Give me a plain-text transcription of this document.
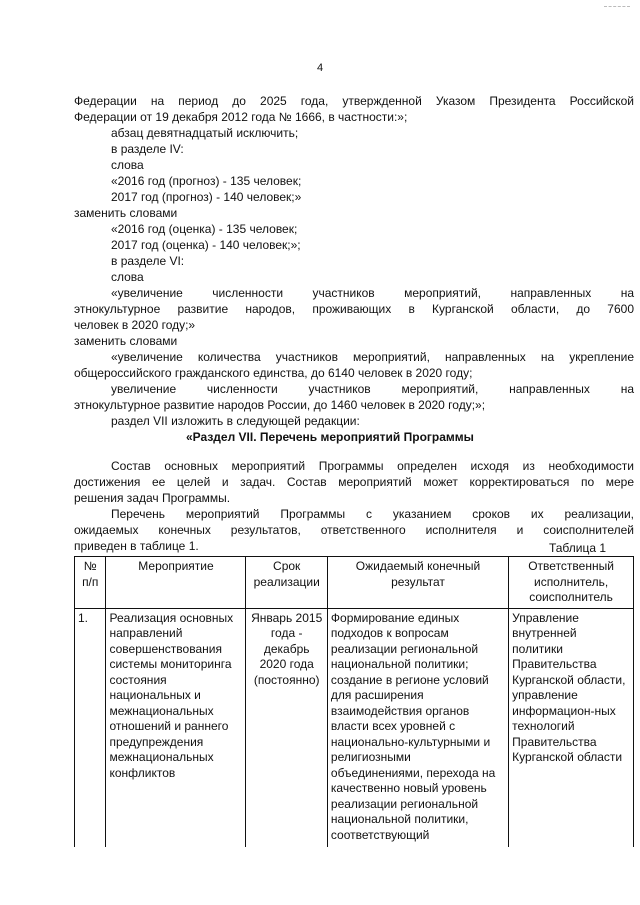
4
Федерации на период до 2025 года, утвержденной Указом Президента Российской
Федерации от 19 декабря 2012 года № 1666, в частности:»;
абзац девятнадцатый исключить;
в разделе IV:
слова
«2016 год (прогноз) - 135 человек;
2017 год (прогноз) - 140 человек;»
заменить словами
«2016 год (оценка) - 135 человек;
2017 год (оценка) - 140 человек;»;
в разделе VI:
слова
«увеличение численности участников мероприятий, направленных на
этнокультурное развитие народов, проживающих в Курганской области, до 7600
человек в 2020 году;»
заменить словами
«увеличение количества участников мероприятий, направленных на укрепление
общероссийского гражданского единства, до 6140 человек в 2020 году;
увеличение численности участников мероприятий, направленных на
этнокультурное развитие народов России, до 1460 человек в 2020 году;»;
раздел VII изложить в следующей редакции:
«Раздел VII. Перечень мероприятий Программы
Состав основных мероприятий Программы определен исходя из необходимости
достижения ее целей и задач. Состав мероприятий может корректироваться по мере
решения задач Программы.
Перечень мероприятий Программы с указанием сроков их реализации,
ожидаемых конечных результатов, ответственного исполнителя и соисполнителей
приведен в таблице 1.	Таблица 1
№ п/п	Мероприятие	Срок реализации	Ожидаемый конечный результат	Ответственный исполнитель, соисполнитель
1.	Реализация основных направлений совершенствования системы мониторинга состояния национальных и межнациональных отношений и раннего предупреждения межнациональных конфликтов	Январь 2015 года - декабрь 2020 года (постоянно)	Формирование единых подходов к вопросам реализации региональной национальной политики; создание в регионе условий для расширения взаимодействия органов власти всех уровней с национально-культурными и религиозными объединениями, перехода на качественно новый уровень реализации региональной национальной политики, соответствующий	Управление внутренней политики Правительства Курганской области, управление информацион-ных технологий Правительства Курганской области
